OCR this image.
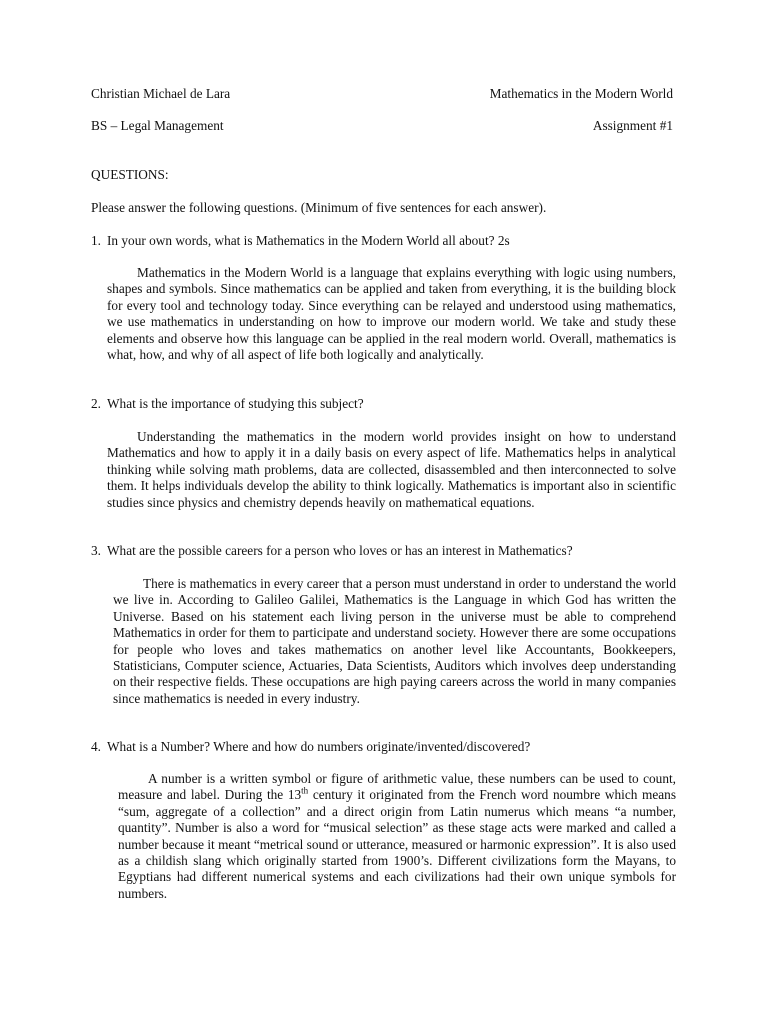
Christian Michael de Lara	Mathematics in the Modern World
BS – Legal Management	Assignment #1
QUESTIONS:
Please answer the following questions. (Minimum of five sentences for each answer).
1. In your own words, what is Mathematics in the Modern World all about? 2s
Mathematics in the Modern World is a language that explains everything with logic using numbers, shapes and symbols. Since mathematics can be applied and taken from everything, it is the building block for every tool and technology today. Since everything can be relayed and understood using mathematics, we use mathematics in understanding on how to improve our modern world. We take and study these elements and observe how this language can be applied in the real modern world. Overall, mathematics is what, how, and why of all aspect of life both logically and analytically.
2. What is the importance of studying this subject?
Understanding the mathematics in the modern world provides insight on how to understand Mathematics and how to apply it in a daily basis on every aspect of life. Mathematics helps in analytical thinking while solving math problems, data are collected, disassembled and then interconnected to solve them. It helps individuals develop the ability to think logically. Mathematics is important also in scientific studies since physics and chemistry depends heavily on mathematical equations.
3. What are the possible careers for a person who loves or has an interest in Mathematics?
There is mathematics in every career that a person must understand in order to understand the world we live in. According to Galileo Galilei, Mathematics is the Language in which God has written the Universe. Based on his statement each living person in the universe must be able to comprehend Mathematics in order for them to participate and understand society. However there are some occupations for people who loves and takes mathematics on another level like Accountants, Bookkeepers, Statisticians, Computer science, Actuaries, Data Scientists, Auditors which involves deep understanding on their respective fields. These occupations are high paying careers across the world in many companies since mathematics is needed in every industry.
4. What is a Number? Where and how do numbers originate/invented/discovered?
A number is a written symbol or figure of arithmetic value, these numbers can be used to count, measure and label. During the 13th century it originated from the French word noumbre which means “sum, aggregate of a collection” and a direct origin from Latin numerus which means “a number, quantity”. Number is also a word for “musical selection” as these stage acts were marked and called a number because it meant “metrical sound or utterance, measured or harmonic expression”. It is also used as a childish slang which originally started from 1900’s. Different civilizations form the Mayans, to Egyptians had different numerical systems and each civilizations had their own unique symbols for numbers.
